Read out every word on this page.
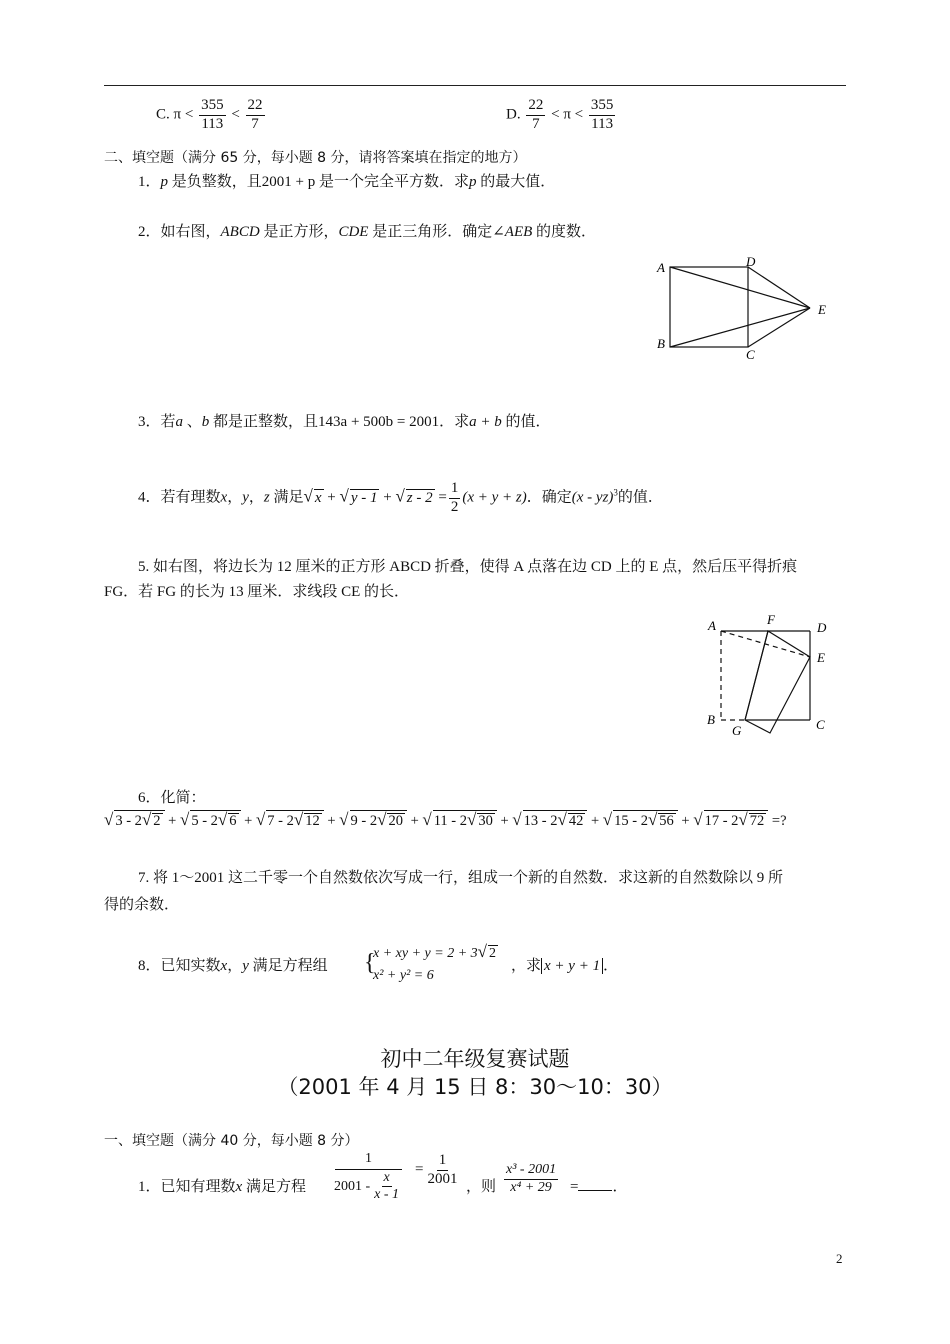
C. $\pi < \frac{355}{113} < \frac{22}{7}$	D. $\frac{22}{7} < \pi < \frac{355}{113}$
二、填空题（满分 65 分，每小题 8 分，请将答案填在指定的地方）
1．p 是负整数，且2001 + p 是一个完全平方数．求p 的最大值．
2．如右图，ABCD 是正方形，CDE 是正三角形．确定∠AEB 的度数．
A	D
E
B
C
3．若a 、b 都是正整数，且143a + 500b = 2001．求a + b 的值．
4．若有理数x，y，z 满足√ x + √ y - 1 + √ $z - 2 = \frac{1}{2} (x + y + z)$．确定(x - yz)$^3$的值．
5. 如右图，将边长为 12 厘米的正方形 ABCD 折叠，使得 A 点落在边 CD 上的 E 点，然后压平得折痕
FG．若 FG 的长为 13 厘米．求线段 CE 的长．
A	F
D
E
B
G	C
6．化简：
√ 3 - 2√ 2 + √ 5 - 2√ 6 + √ 7 - 2√ 12 + √ 9 - 2√ 20 + √ 11 - 2√ 30 + √ 13 - 2√ 42 + √ 15 - 2√ 56 + √ 17 - 2√ 72 =?
7. 将 1～2001 这二千零一个自然数依次写成一行，组成一个新的自然数．求这新的自然数除以 9 所
得的余数．
8．已知实数x，y 满足方程组 {
x + xy + y = 2 + 3√ 2
x² + y² = 6
，求 x + y + 1 ．
初中二年级复赛试题
（2001 年 4 月 15 日 8：30～10：30）
一、填空题（满分 40 分，每小题 8 分）
1．已知有理数x 满足方程 $\frac{1}{2001 - \frac{x}{x - 1}} = \frac{1}{2001}$ ，则 $\frac{\text{x³ - 2001}}{\text{x⁴ + 29}}$ = ．
2
